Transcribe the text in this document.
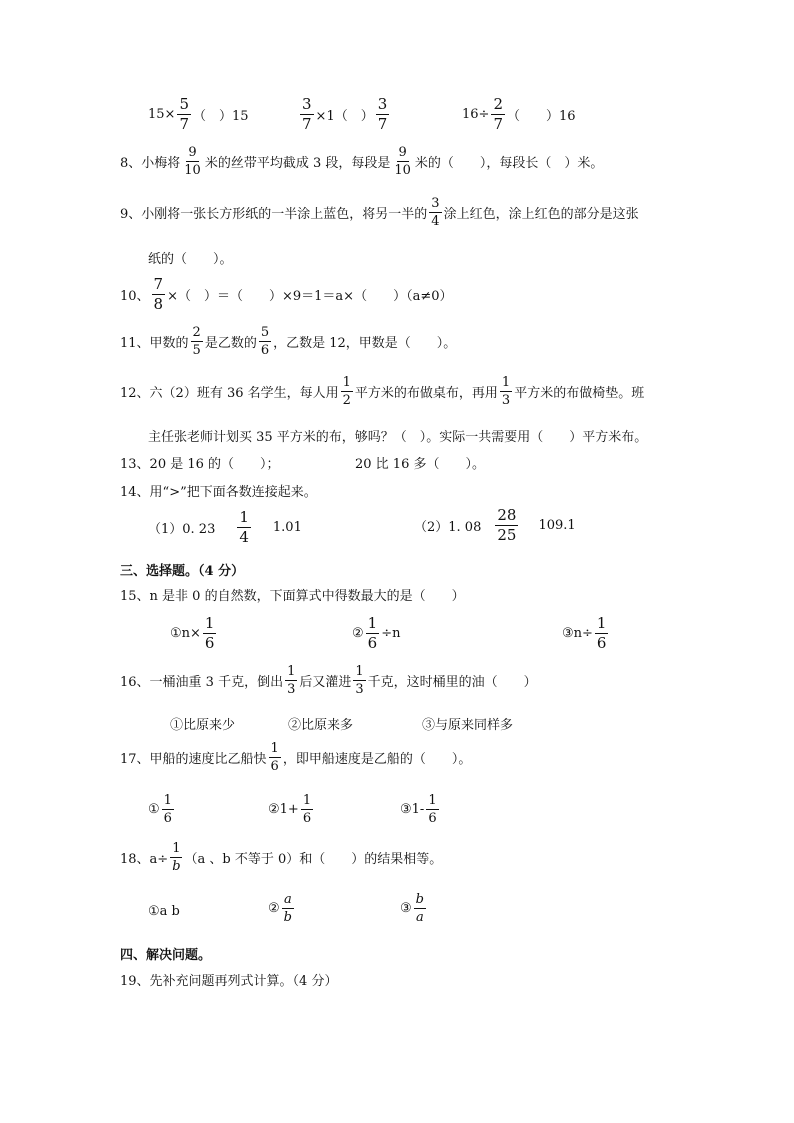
$15\times \frac{5}{7}$ （　）15	$\frac{3}{7} \times 1$（　） $\frac{3}{7}$	$16\div \frac{2}{7}$ （　　）16
8、小梅将 $\frac{9}{10}$ 米的丝带平均截成 3 段，每段是 $\frac{9}{10}$ 米的（　　），每段长（　）米。
9、小刚将一张长方形纸的一半涂上蓝色，将另一半的 $\frac{3}{4}$ 涂上红色，涂上红色的部分是这张
纸的（　　）。
10、 $\frac{7}{8}$ ×（　）＝（　　）×9＝1＝a×（　　）（a≠0）
11、甲数的 $\frac{2}{5}$ 是乙数的 $\frac{5}{6}$ ，乙数是 12，甲数是（　　）。
12、六（2）班有 36 名学生，每人用 $\frac{1}{2}$ 平方米的布做桌布，再用 $\frac{1}{3}$ 平方米的布做椅垫。班
主任张老师计划买 35 平方米的布，够吗？（　）。实际一共需要用（　　）平方米布。
13、20 是 16 的（　　）；	20 比 16 多（　　）。
14、用“>”把下面各数连接起来。
（1）0. $23 \frac{1}{4} 1.01$	（2）1. $08 \frac{28}{25} 109.1$
三、选择题。（4 分）
15、n 是非 0 的自然数，下面算式中得数最大的是（　　）
①n× $\frac{1}{6}$	② $\frac{1}{6} \div n$	③n÷ $\frac{1}{6}$
16、一桶油重 3 千克，倒出 $\frac{1}{3}$ 后又灌进 $\frac{1}{3}$ 千克，这时桶里的油（　　）
①比原来少	②比原来多	③与原来同样多
17、甲船的速度比乙船快 $\frac{1}{6}$ ，即甲船速度是乙船的（　　）。
① $\frac{1}{6}$	②1+ $\frac{1}{6}$	③1- $\frac{1}{6}$
18、$a\div \frac{1}{b} (a$ 、b 不等于 0）和（　　）的结果相等。
①a b	② $\frac{a}{b}$	③ $\frac{b}{a}$
四、解决问题。
19、先补充问题再列式计算。（4 分）
